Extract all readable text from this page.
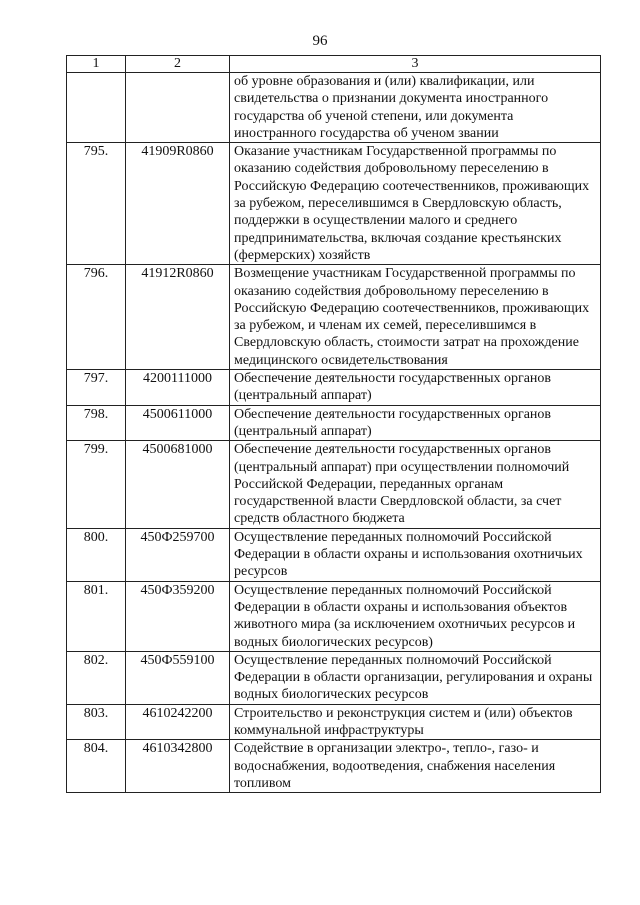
96
1	2	3
		об уровне образования и (или) квалификации, или свидетельства о признании документа иностранного государства об ученой степени, или документа иностранного государства об ученом звании
795.	41909R0860	Оказание участникам Государственной программы по оказанию содействия добровольному переселению в Российскую Федерацию соотечественников, проживающих за рубежом, переселившимся в Свердловскую область, поддержки в осуществлении малого и среднего предпринимательства, включая создание крестьянских (фермерских) хозяйств
796.	41912R0860	Возмещение участникам Государственной программы по оказанию содействия добровольному переселению в Российскую Федерацию соотечественников, проживающих за рубежом, и членам их семей, переселившимся в Свердловскую область, стоимости затрат на прохождение медицинского освидетельствования
797.	4200111000	Обеспечение деятельности государственных органов (центральный аппарат)
798.	4500611000	Обеспечение деятельности государственных органов (центральный аппарат)
799.	4500681000	Обеспечение деятельности государственных органов (центральный аппарат) при осуществлении полномочий Российской Федерации, переданных органам государственной власти Свердловской области, за счет средств областного бюджета
800.	450Ф259700	Осуществление переданных полномочий Российской Федерации в области охраны и использования охотничьих ресурсов
801.	450Ф359200	Осуществление переданных полномочий Российской Федерации в области охраны и использования объектов животного мира (за исключением охотничьих ресурсов и водных биологических ресурсов)
802.	450Ф559100	Осуществление переданных полномочий Российской Федерации в области организации, регулирования и охраны водных биологических ресурсов
803.	4610242200	Строительство и реконструкция систем и (или) объектов коммунальной инфраструктуры
804.	4610342800	Содействие в организации электро-, тепло-, газо- и водоснабжения, водоотведения, снабжения населения топливом
